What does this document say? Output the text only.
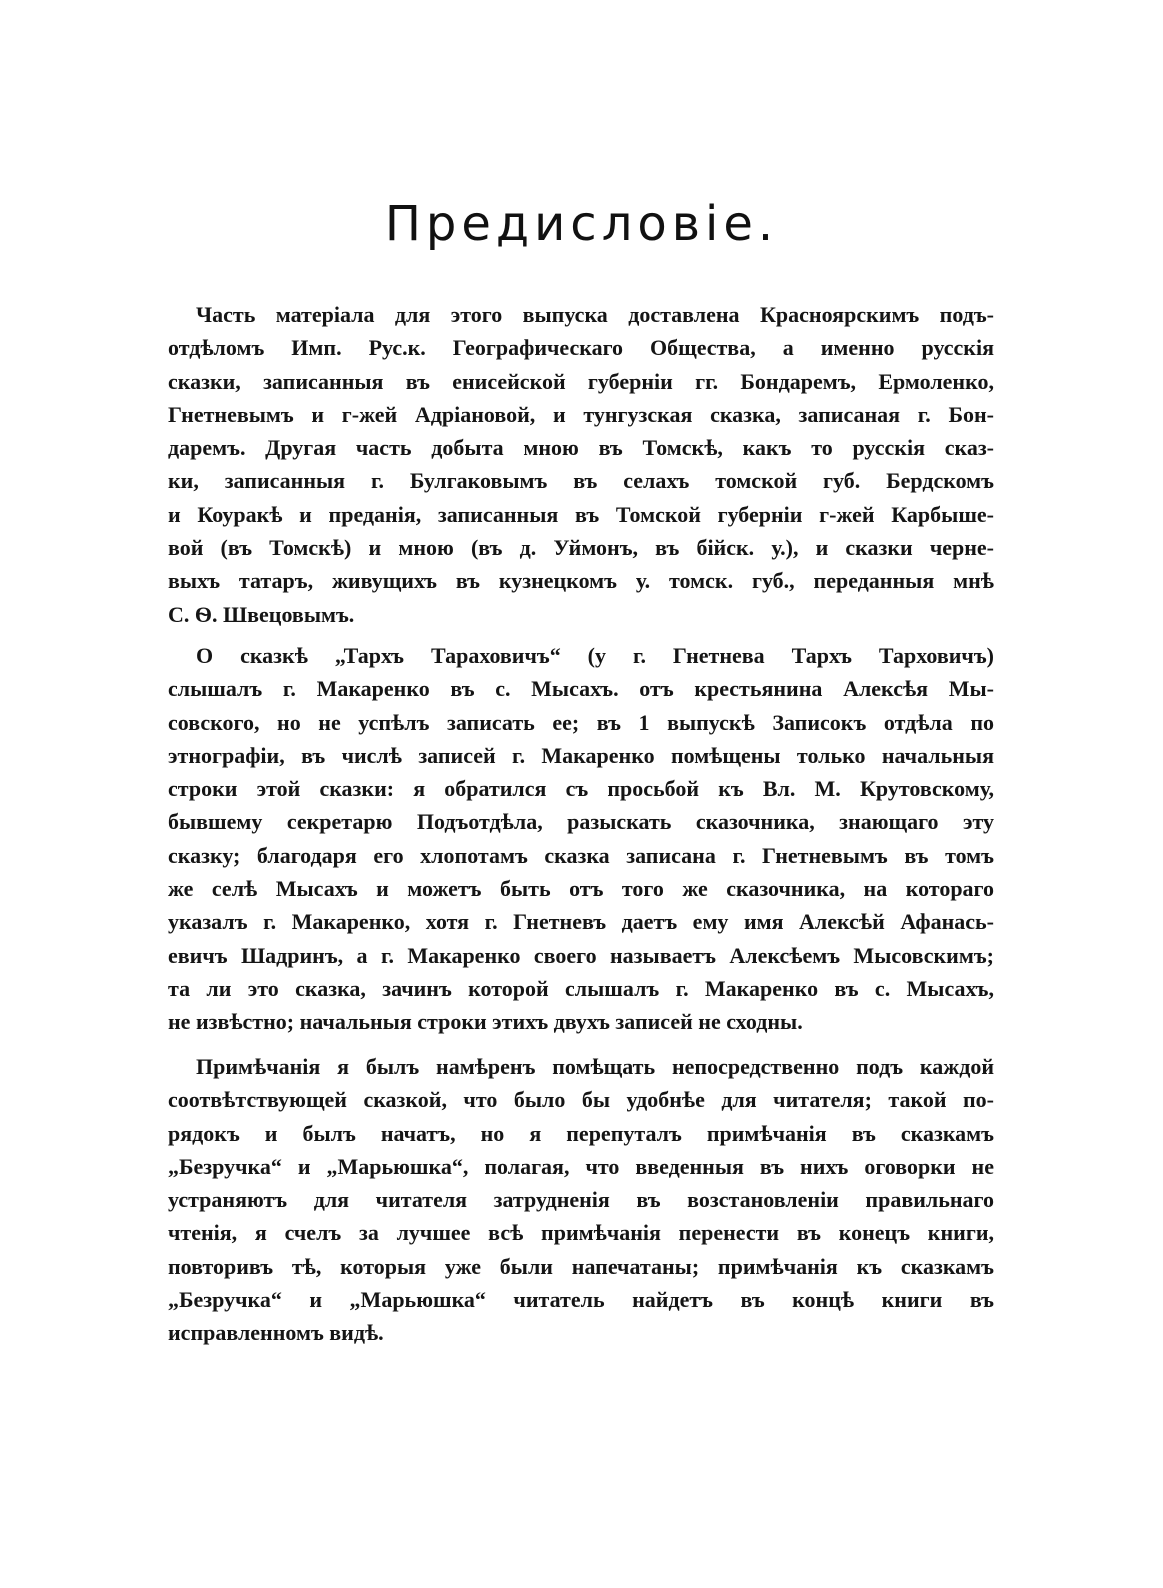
Предисловіе.
Часть матеріала для этого выпуска доставлена Красноярскимъ подъ-
отдѣломъ Имп. Рус.к. Географическаго Общества, а именно русскія
сказки, записанныя въ енисейской губерніи гг. Бондаремъ, Ермоленко,
Гнетневымъ и г-жей Адріановой, и тунгузская сказка, записаная г. Бон-
даремъ. Другая часть добыта мною въ Томскѣ, какъ то русскія сказ-
ки, записанныя г. Булгаковымъ въ селахъ томской губ. Бердскомъ
и Коуракѣ и преданія, записанныя въ Томской губерніи г-жей Карбыше-
вой (въ Томскѣ) и мною (въ д. Уймонъ, въ бійск. у.), и сказки черне-
выхъ татаръ, живущихъ въ кузнецкомъ у. томск. губ., переданныя мнѣ
С. Ѳ. Швецовымъ.
О сказкѣ „Тархъ Тараховичъ“ (у г. Гнетнева Тархъ Тарховичъ)
слышалъ г. Макаренко въ с. Мысахъ. отъ крестьянина Алексѣя Мы-
совского, но не успѣлъ записать ее; въ 1 выпускѣ Записокъ отдѣла по
этнографіи, въ числѣ записей г. Макаренко помѣщены только начальныя
строки этой сказки: я обратился съ просьбой къ Вл. М. Крутовскому,
бывшему секретарю Подъотдѣла, разыскать сказочника, знающаго эту
сказку; благодаря его хлопотамъ сказка записана г. Гнетневымъ въ томъ
же селѣ Мысахъ и можетъ быть отъ того же сказочника, на котораго
указалъ г. Макаренко, хотя г. Гнетневъ даетъ ему имя Алексѣй Афанась-
евичъ Шадринъ, а г. Макаренко своего называетъ Алексѣемъ Мысовскимъ;
та ли это сказка, зачинъ которой слышалъ г. Макаренко въ с. Мысахъ,
не извѣстно; начальныя строки этихъ двухъ записей не сходны.
Примѣчанія я былъ намѣренъ помѣщать непосредственно подъ каждой
соотвѣтствующей сказкой, что было бы удобнѣе для читателя; такой по-
рядокъ и былъ начатъ, но я перепуталъ примѣчанія въ сказкамъ
„Безручка“ и „Марьюшка“, полагая, что введенныя въ нихъ оговорки не
устраняютъ для читателя затрудненія въ возстановленіи правильнаго
чтенія, я счелъ за лучшее всѣ примѣчанія перенести въ конецъ книги,
повторивъ тѣ, которыя уже были напечатаны; примѣчанія къ сказкамъ
„Безручка“ и „Марьюшка“ читатель найдетъ въ концѣ книги въ
исправленномъ видѣ.
